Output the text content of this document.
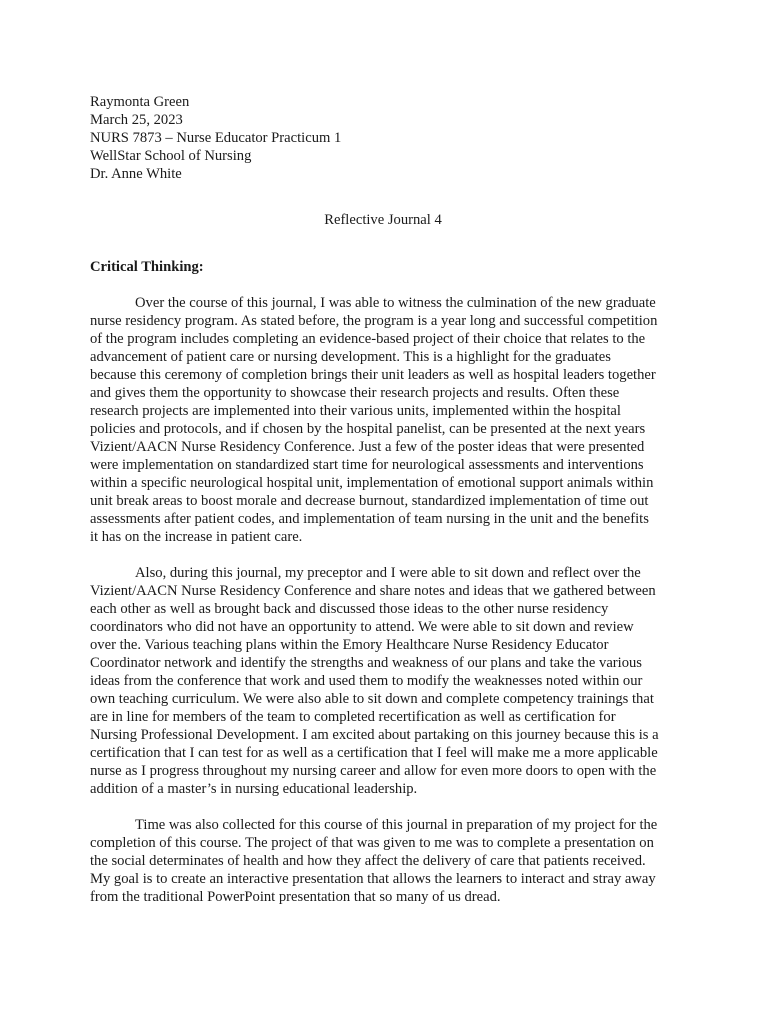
Raymonta Green
March 25, 2023
NURS 7873 – Nurse Educator Practicum 1
WellStar School of Nursing
Dr. Anne White
Reflective Journal 4
Critical Thinking:
Over the course of this journal, I was able to witness the culmination of the new graduate
nurse residency program. As stated before, the program is a year long and successful competition
of the program includes completing an evidence-based project of their choice that relates to the
advancement of patient care or nursing development. This is a highlight for the graduates
because this ceremony of completion brings their unit leaders as well as hospital leaders together
and gives them the opportunity to showcase their research projects and results. Often these
research projects are implemented into their various units, implemented within the hospital
policies and protocols, and if chosen by the hospital panelist, can be presented at the next years
Vizient/AACN Nurse Residency Conference. Just a few of the poster ideas that were presented
were implementation on standardized start time for neurological assessments and interventions
within a specific neurological hospital unit, implementation of emotional support animals within
unit break areas to boost morale and decrease burnout, standardized implementation of time out
assessments after patient codes, and implementation of team nursing in the unit and the benefits
it has on the increase in patient care.
Also, during this journal, my preceptor and I were able to sit down and reflect over the
Vizient/AACN Nurse Residency Conference and share notes and ideas that we gathered between
each other as well as brought back and discussed those ideas to the other nurse residency
coordinators who did not have an opportunity to attend. We were able to sit down and review
over the. Various teaching plans within the Emory Healthcare Nurse Residency Educator
Coordinator network and identify the strengths and weakness of our plans and take the various
ideas from the conference that work and used them to modify the weaknesses noted within our
own teaching curriculum. We were also able to sit down and complete competency trainings that
are in line for members of the team to completed recertification as well as certification for
Nursing Professional Development. I am excited about partaking on this journey because this is a
certification that I can test for as well as a certification that I feel will make me a more applicable
nurse as I progress throughout my nursing career and allow for even more doors to open with the
addition of a master’s in nursing educational leadership.
Time was also collected for this course of this journal in preparation of my project for the
completion of this course. The project of that was given to me was to complete a presentation on
the social determinates of health and how they affect the delivery of care that patients received.
My goal is to create an interactive presentation that allows the learners to interact and stray away
from the traditional PowerPoint presentation that so many of us dread.
